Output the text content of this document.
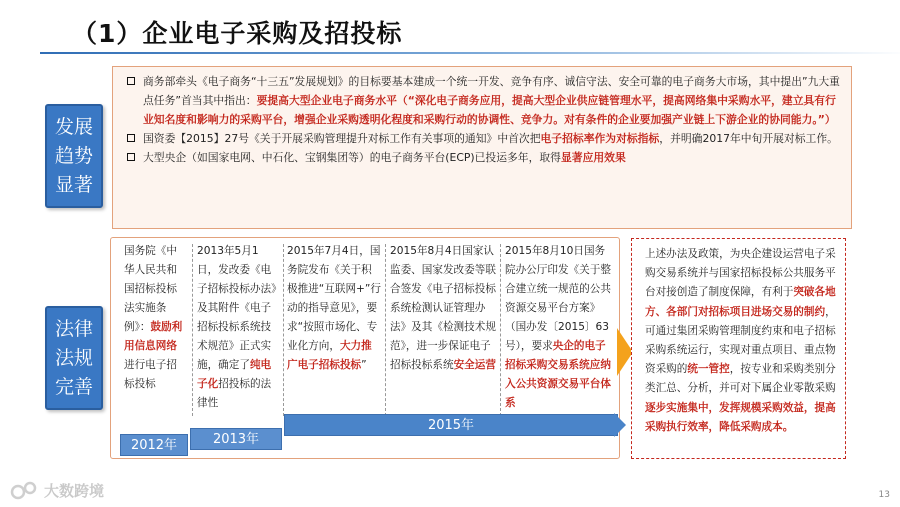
（1）企业电子采购及招投标
发展
趋势
显著
商务部牵头《电子商务“十三五”发展规划》的目标要基本建成一个统一开发、竞争有序、诚信守法、安全可靠的电子商务大市场，其中提出”九大重点任务”首当其中指出：要提高大型企业电子商务水平（“深化电子商务应用，提高大型企业供应链管理水平，提高网络集中采购水平，建立具有行业知名度和影响力的采购平台，增强企业采购透明化程度和采购行动的协调性、竞争力。对有条件的企业要加强产业链上下游企业的协同能力。”）
国资委【2015】27号《关于开展采购管理提升对标工作有关事项的通知》中首次把电子招标率作为对标指标，并明确2017年中旬开展对标工作。
大型央企（如国家电网、中石化、宝钢集团等）的电子商务平台(ECP)已投运多年，取得显著应用效果
法律
法规
完善
国务院《中华人民共和国招标投标法实施条例》：鼓励利用信息网络进行电子招标投标
2013年5月1日，发改委《电子招标投标办法》及其附件《电子招标投标系统技术规范》正式实施，确定了纯电子化招投标的法律性
2015年7月4日，国务院发布《关于积极推进“互联网+”行动的指导意见》，要求“按照市场化、专业化方向，大力推广电子招标投标”
2015年8月4日国家认监委、国家发改委等联合签发《电子招标投标系统检测认证管理办法》及其《检测技术规范》，进一步保证电子招标投标系统安全运营
2015年8月10日国务院办公厅印发《关于整合建立统一规范的公共资源交易平台方案》（国办发〔2015〕63号），要求央企的电子招标采购交易系统应纳入公共资源交易平台体系
2012年	2013年
2015年
上述办法及政策，为央企建设运营电子采购交易系统并与国家招标投标公共服务平台对接创造了制度保障，有利于突破各地方、各部门对招标项目进场交易的制约，可通过集团采购管理制度约束和电子招标采购系统运行，实现对重点项目、重点物资采购的统一管控，按专业和采购类别分类汇总、分析，并可对下属企业零散采购逐步实施集中，发挥规模采购效益，提高采购执行效率，降低采购成本。
大数跨境	13
